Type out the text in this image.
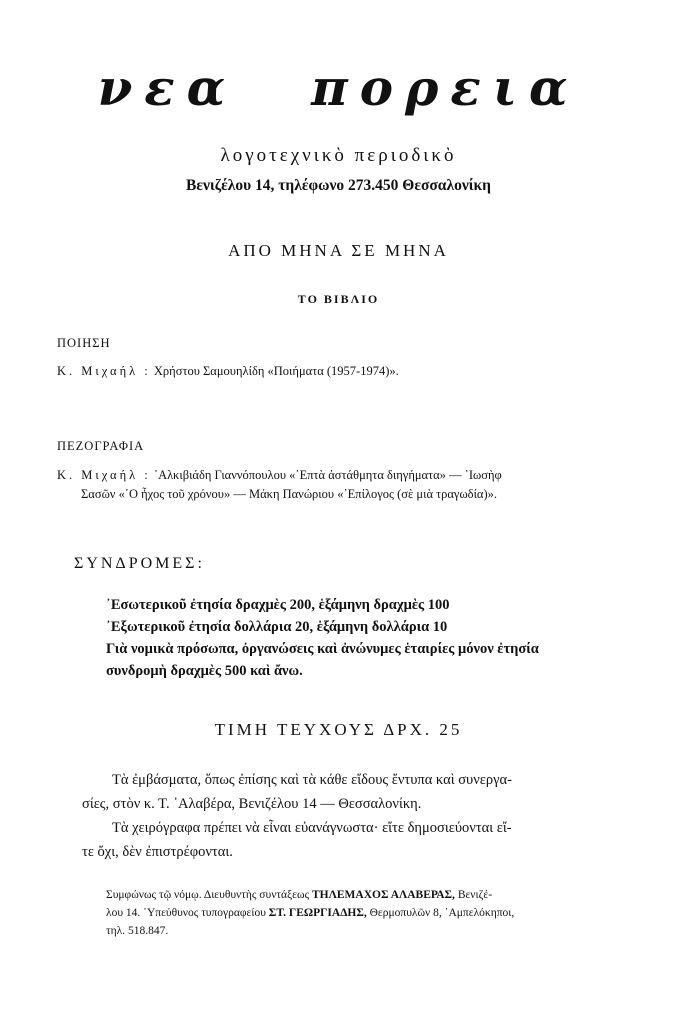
νεα πορεια
λογοτεχνικὸ περιοδικὸ
Βενιζέλου 14, τηλέφωνο 273.450 Θεσσαλονίκη
ΑΠΟ ΜΗΝΑ ΣΕ ΜΗΝΑ
ΤΟ ΒΙΒΛΙΟ
ΠΟΙΗΣΗ
Κ. Μιχαήλ : Χρήστου Σαμουηλίδη «Ποιήματα (1957-1974)».
ΠΕΖΟΓΡΑΦΙΑ
Κ. Μιχαήλ : ᾿Αλκιβιάδη Γιαννόπουλου «῾Επτὰ ἀστάθμητα διηγήματα» — ᾿Ιωσὴφ
Σασῶν «῾Ο ἦχος τοῦ χρόνου» — Μάκη Πανώριου «᾿Επίλογος (σὲ μιὰ τραγωδία)».
ΣΥΝΔΡΟΜΕΣ:
᾿Εσωτερικοῦ ἐτησία δραχμὲς 200, ἑξάμηνη δραχμὲς 100
᾿Εξωτερικοῦ ἐτησία δολλάρια 20, ἑξάμηνη δολλάρια 10
Γιὰ νομικὰ πρόσωπα, ὀργανώσεις καὶ ἀνώνυμες ἑταιρίες μόνον ἐτησία
συνδρομὴ δραχμὲς 500 καὶ ἄνω.
ΤΙΜΗ ΤΕΥΧΟΥΣ ΔΡΧ. 25

Τὰ ἐμβάσματα, ὅπως ἐπίσης καὶ τὰ κάθε εἴδους ἔντυπα καὶ συνεργα-

σίες, στὸν κ. Τ. ᾿Αλαβέρα, Βενιζέλου 14 — Θεσσαλονίκη.

Τὰ χειρόγραφα πρέπει νὰ εἶναι εὐανάγνωστα· εἴτε δημοσιεύονται εἴ-

τε ὄχι, δὲν ἐπιστρέφονται.

Συμφώνως τῷ νόμῳ. Διευθυντὴς συντάξεως ΤΗΛΕΜΑΧΟΣ ΑΛΑΒΕΡΑΣ, Βενιζέ-
λου 14. ῾Υπεύθυνος τυπογραφείου ΣΤ. ΓΕΩΡΓΙΑΔΗΣ, Θερμοπυλῶν 8, ᾿Αμπελόκηποι,
τηλ. 518.847.
